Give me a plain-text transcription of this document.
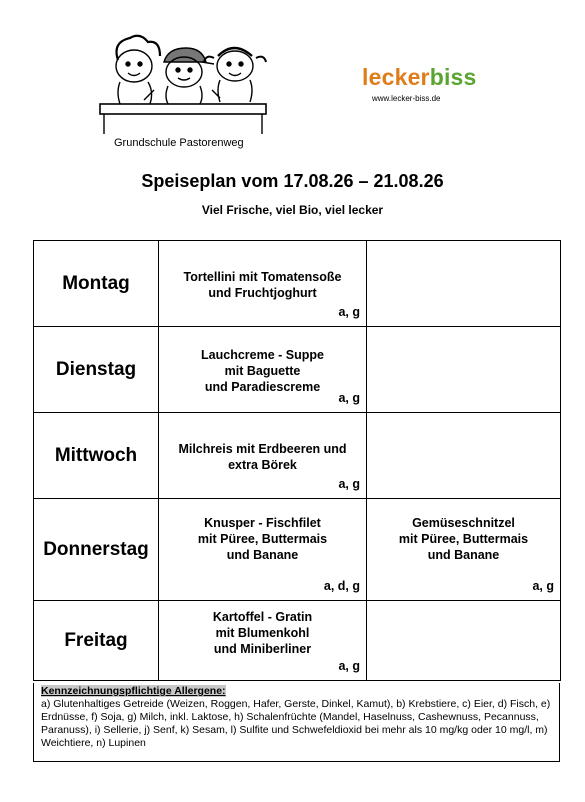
Grundschule Pastorenweg
leckerbiss
www.lecker-biss.de
Speiseplan vom 17.08.26 – 21.08.26
Viel Frische, viel Bio, viel lecker
Montag	Tortellini mit Tomatensoße
und Fruchtjoghurt
a, g
Dienstag
Lauchcreme - Suppe
mit Baguette
und Paradiescreme
a, g
Mittwoch	Milchreis mit Erdbeeren und
extra Börek
a, g
Donnerstag
Knusper - Fischfilet
mit Püree, Buttermais
und Banane
a, d, g
Gemüseschnitzel
mit Püree, Buttermais
und Banane
a, g
Freitag
Kartoffel - Gratin
mit Blumenkohl
und Miniberliner
a, g
Kennzeichnungspflichtige Allergene:
a) Glutenhaltiges Getreide (Weizen, Roggen, Hafer, Gerste, Dinkel, Kamut), b) Krebstiere, c) Eier, d) Fisch, e) Erdnüsse, f) Soja, g) Milch, inkl. Laktose, h) Schalenfrüchte (Mandel, Haselnuss, Cashewnuss, Pecannuss, Paranuss), i) Sellerie, j) Senf, k) Sesam, l) Sulfite und Schwefeldioxid bei mehr als 10 mg/kg oder 10 mg/l, m) Weichtiere, n) Lupinen
